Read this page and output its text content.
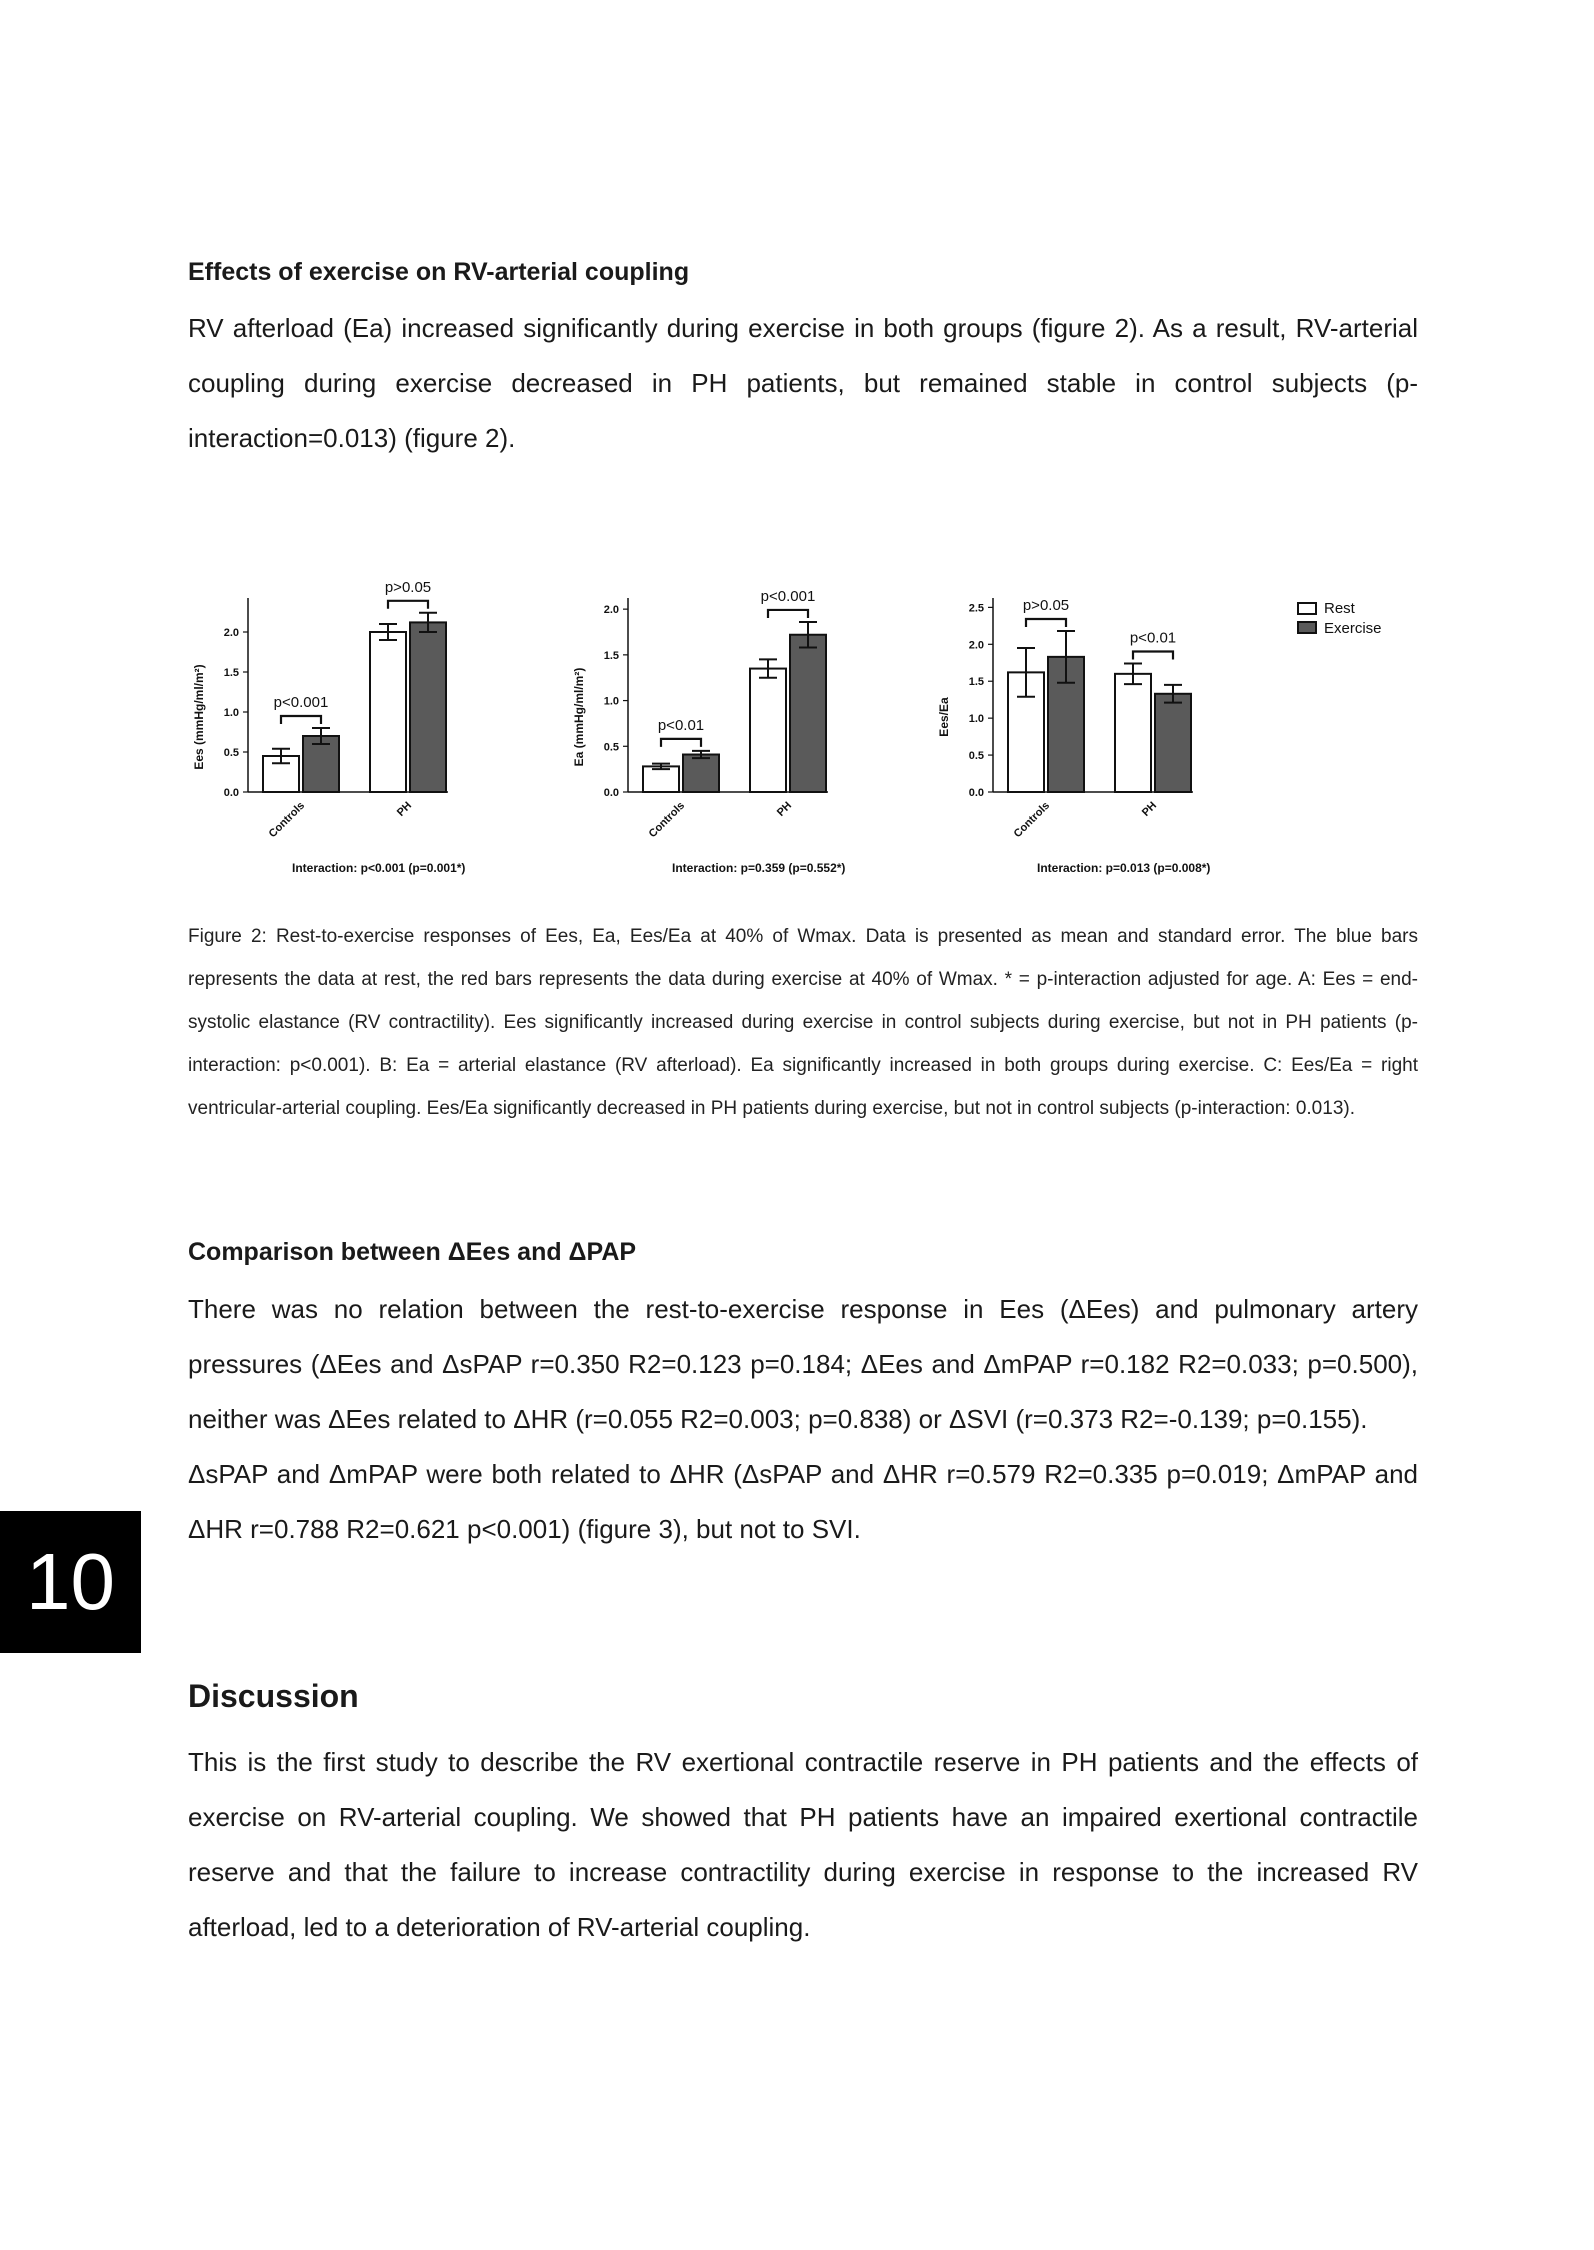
Effects of exercise on RV-arterial coupling

RV afterload (Ea) increased significantly during exercise in both groups (figure 2). As a result, RV-arterial coupling during exercise decreased in PH patients, but remained stable in control subjects (p-interaction=0.013) (figure 2).

0.0
0.5
1.0
1.5
2.0
Ees (mmHg/ml/m²)
Controls	PH
p<0.001
p>0.05
Interaction: p<0.001 (p=0.001*)
0.0
0.5
1.0
1.5
2.0
Ea (mmHg/ml/m²)
Controls	PH
p<0.01
p<0.001
Interaction: p=0.359 (p=0.552*)
0.0
0.5
1.0
1.5
2.0
2.5
Ees/Ea
Controls	PH
p>0.05
p<0.01
Interaction: p=0.013 (p=0.008*)
Rest
Exercise

Figure 2: Rest-to-exercise responses of Ees, Ea, Ees/Ea at 40% of Wmax. Data is presented as mean and standard error. The blue bars represents the data at rest, the red bars represents the data during exercise at 40% of Wmax. * = p-interaction adjusted for age. A: Ees = end-systolic elastance (RV contractility). Ees significantly increased during exercise in control subjects during exercise, but not in PH patients (p-interaction: p<0.001). B: Ea = arterial elastance (RV afterload). Ea significantly increased in both groups during exercise. C: Ees/Ea = right ventricular-arterial coupling. Ees/Ea significantly decreased in PH patients during exercise, but not in control subjects (p-interaction: 0.013).

Comparison between ΔEes and ΔPAP

There was no relation between the rest-to-exercise response in Ees (ΔEes) and pulmonary artery pressures (ΔEes and ΔsPAP r=0.350 R2=0.123 p=0.184; ΔEes and ΔmPAP r=0.182 R2=0.033; p=0.500), neither was ΔEes related to ΔHR (r=0.055 R2=0.003; p=0.838) or ΔSVI (r=0.373 R2=-0.139; p=0.155).

ΔsPAP and ΔmPAP were both related to ΔHR (ΔsPAP and ΔHR r=0.579 R2=0.335 p=0.019; ΔmPAP and ΔHR r=0.788 R2=0.621 p<0.001) (figure 3), but not to SVI.

Discussion

This is the first study to describe the RV exertional contractile reserve in PH patients and the effects of exercise on RV-arterial coupling. We showed that PH patients have an impaired exertional contractile reserve and that the failure to increase contractility during exercise in response to the increased RV afterload, led to a deterioration of RV-arterial coupling.

10
